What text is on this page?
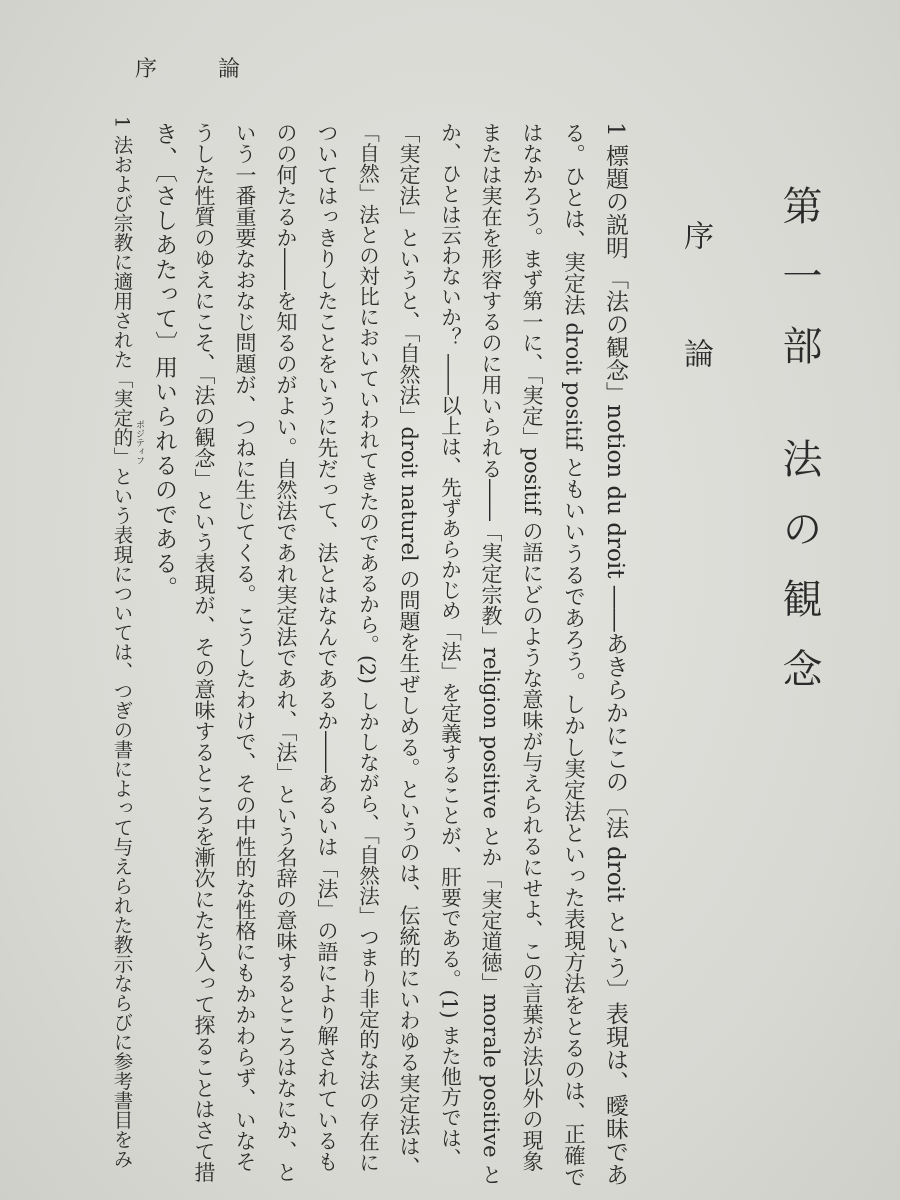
序	論
第一部 法の観念
序
論
1 標題の説明 「法の観念」notion du droit ――あきらかにこの〔法 droit という〕表現は、曖昧であ
る。ひとは、実定法 droit positif ともいいうるであろう。しかし実定法といった表現方法をとるのは、正確で
はなかろう。まず第一に、「実定」positif の語にどのような意味が与えられるにせよ、この言葉が法以外の現象
または実在を形容するのに用いられる――「実定宗教」religion positive とか「実定道徳」morale positive と
か、ひとは云わないか？ ――以上は、先ずあらかじめ「法」を定義することが、肝要である。(1) また他方では、
「実定法」というと、「自然法」droit naturel の問題を生ぜしめる。というのは、伝統的にいわゆる実定法は、
「自然」法との対比においていわれてきたのであるから。(2) しかしながら、「自然法」つまり非定的な法の存在に
ついてはっきりしたことをいうに先だって、法とはなんであるか――あるいは「法」の語により解されているも
のの何たるか――を知るのがよい。自然法であれ実定法であれ、「法」という名辞の意味するところはなにか、と
いう一番重要なおなじ問題が、つねに生じてくる。こうしたわけで、その中性的な性格にもかかわらず、いなそ
うした性質のゆえにこそ、「法の観念」という表現が、その意味するところを漸次にたち入って探ることはさて措
き、〔さしあたって〕用いられるのである。
1 法および宗教に適用された「実定的」という表現については、つぎの書によって与えられた教示ならびに参考書目をみ ポジティフ
